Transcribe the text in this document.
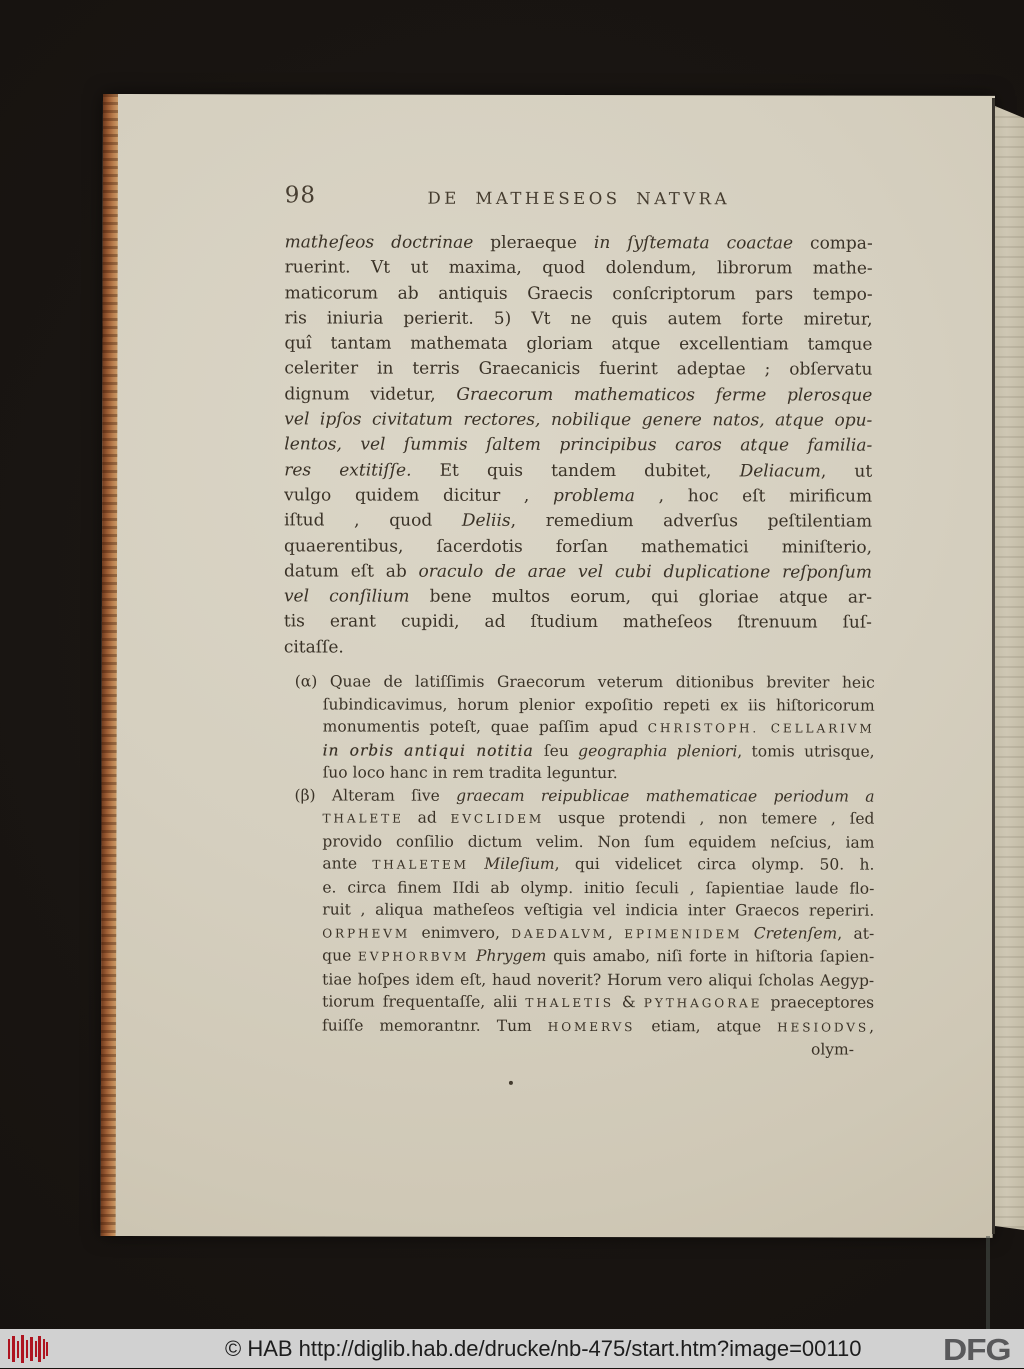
98	DE MATHESEOS NATVRA
matheſeos doctrinae pleraeque in ſyſtemata coactae compa-
ruerint. Vt ut maxima, quod dolendum, librorum mathe-
maticorum ab antiquis Graecis conſcriptorum pars tempo-
ris iniuria perierit. 5) Vt ne quis autem forte miretur,
quî tantam mathemata gloriam atque excellentiam tamque
celeriter in terris Graecanicis fuerint adeptae ; obſervatu
dignum videtur, Graecorum mathematicos ferme plerosque
vel ipſos civitatum rectores, nobilique genere natos, atque opu-
lentos, vel ſummis ſaltem principibus caros atque familia-
res extitiſſe. Et quis tandem dubitet, Deliacum, ut
vulgo quidem dicitur , problema , hoc eſt mirificum
iſtud , quod Deliis, remedium adverſus peſtilentiam
quaerentibus, ſacerdotis forſan mathematici miniſterio,
datum eſt ab oraculo de arae vel cubi duplicatione reſponſum
vel conſilium bene multos eorum, qui gloriae atque ar-
tis erant cupidi, ad ſtudium matheſeos ſtrenuum ſuſ-
citaſſe.
(α) Quae de latiſſimis Graecorum veterum ditionibus breviter heic
ſubindicavimus, horum plenior expoſitio repeti ex iis hiſtoricorum
monumentis poteſt, quae paſſim apud CHRISTOPH. CELLARIVM
in orbis antiqui notitia ſeu geographia pleniori, tomis utrisque,
ſuo loco hanc in rem tradita leguntur.
(β) Alteram ſive graecam reipublicae mathematicae periodum a
THALETE ad EVCLIDEM usque protendi , non temere , ſed
provido conſilio dictum velim. Non ſum equidem neſcius, iam
ante THALETEM Mileſium, qui videlicet circa olymp. 50. h.
e. circa finem IIdi ab olymp. initio ſeculi , ſapientiae laude flo-
ruit , aliqua matheſeos veſtigia vel indicia inter Graecos reperiri.
ORPHEVM enimvero, DAEDALVM, EPIMENIDEM Cretenſem, at-
que EVPHORBVM Phrygem quis amabo, niſi forte in hiſtoria ſapien-
tiae hoſpes idem eſt, haud noverit? Horum vero aliqui ſcholas Aegyp-
tiorum frequentaſſe, alii THALETIS & PYTHAGORAE praeceptores
fuiſſe memorantnr. Tum HOMERVS etiam, atque HESIODVS,
olym-
© HAB http://diglib.hab.de/drucke/nb-475/start.htm?image=00110	DFG
